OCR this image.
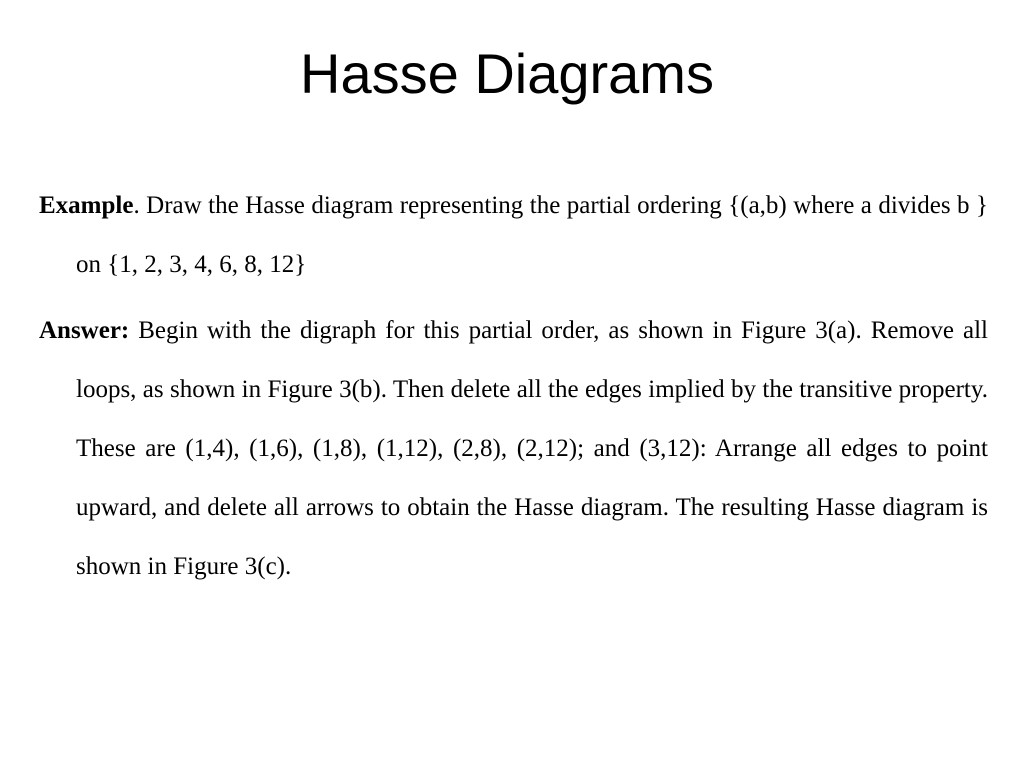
Hasse Diagrams

Example. Draw the Hasse diagram representing the partial ordering {(a,b) where a divides b } on {1, 2, 3, 4, 6, 8, 12}

Answer: Begin with the digraph for this partial order, as shown in Figure 3(a). Remove all loops, as shown in Figure 3(b). Then delete all the edges implied by the transitive property. These are (1,4), (1,6), (1,8), (1,12), (2,8), (2,12); and (3,12): Arrange all edges to point upward, and delete all arrows to obtain the Hasse diagram. The resulting Hasse diagram is shown in Figure 3(c).
